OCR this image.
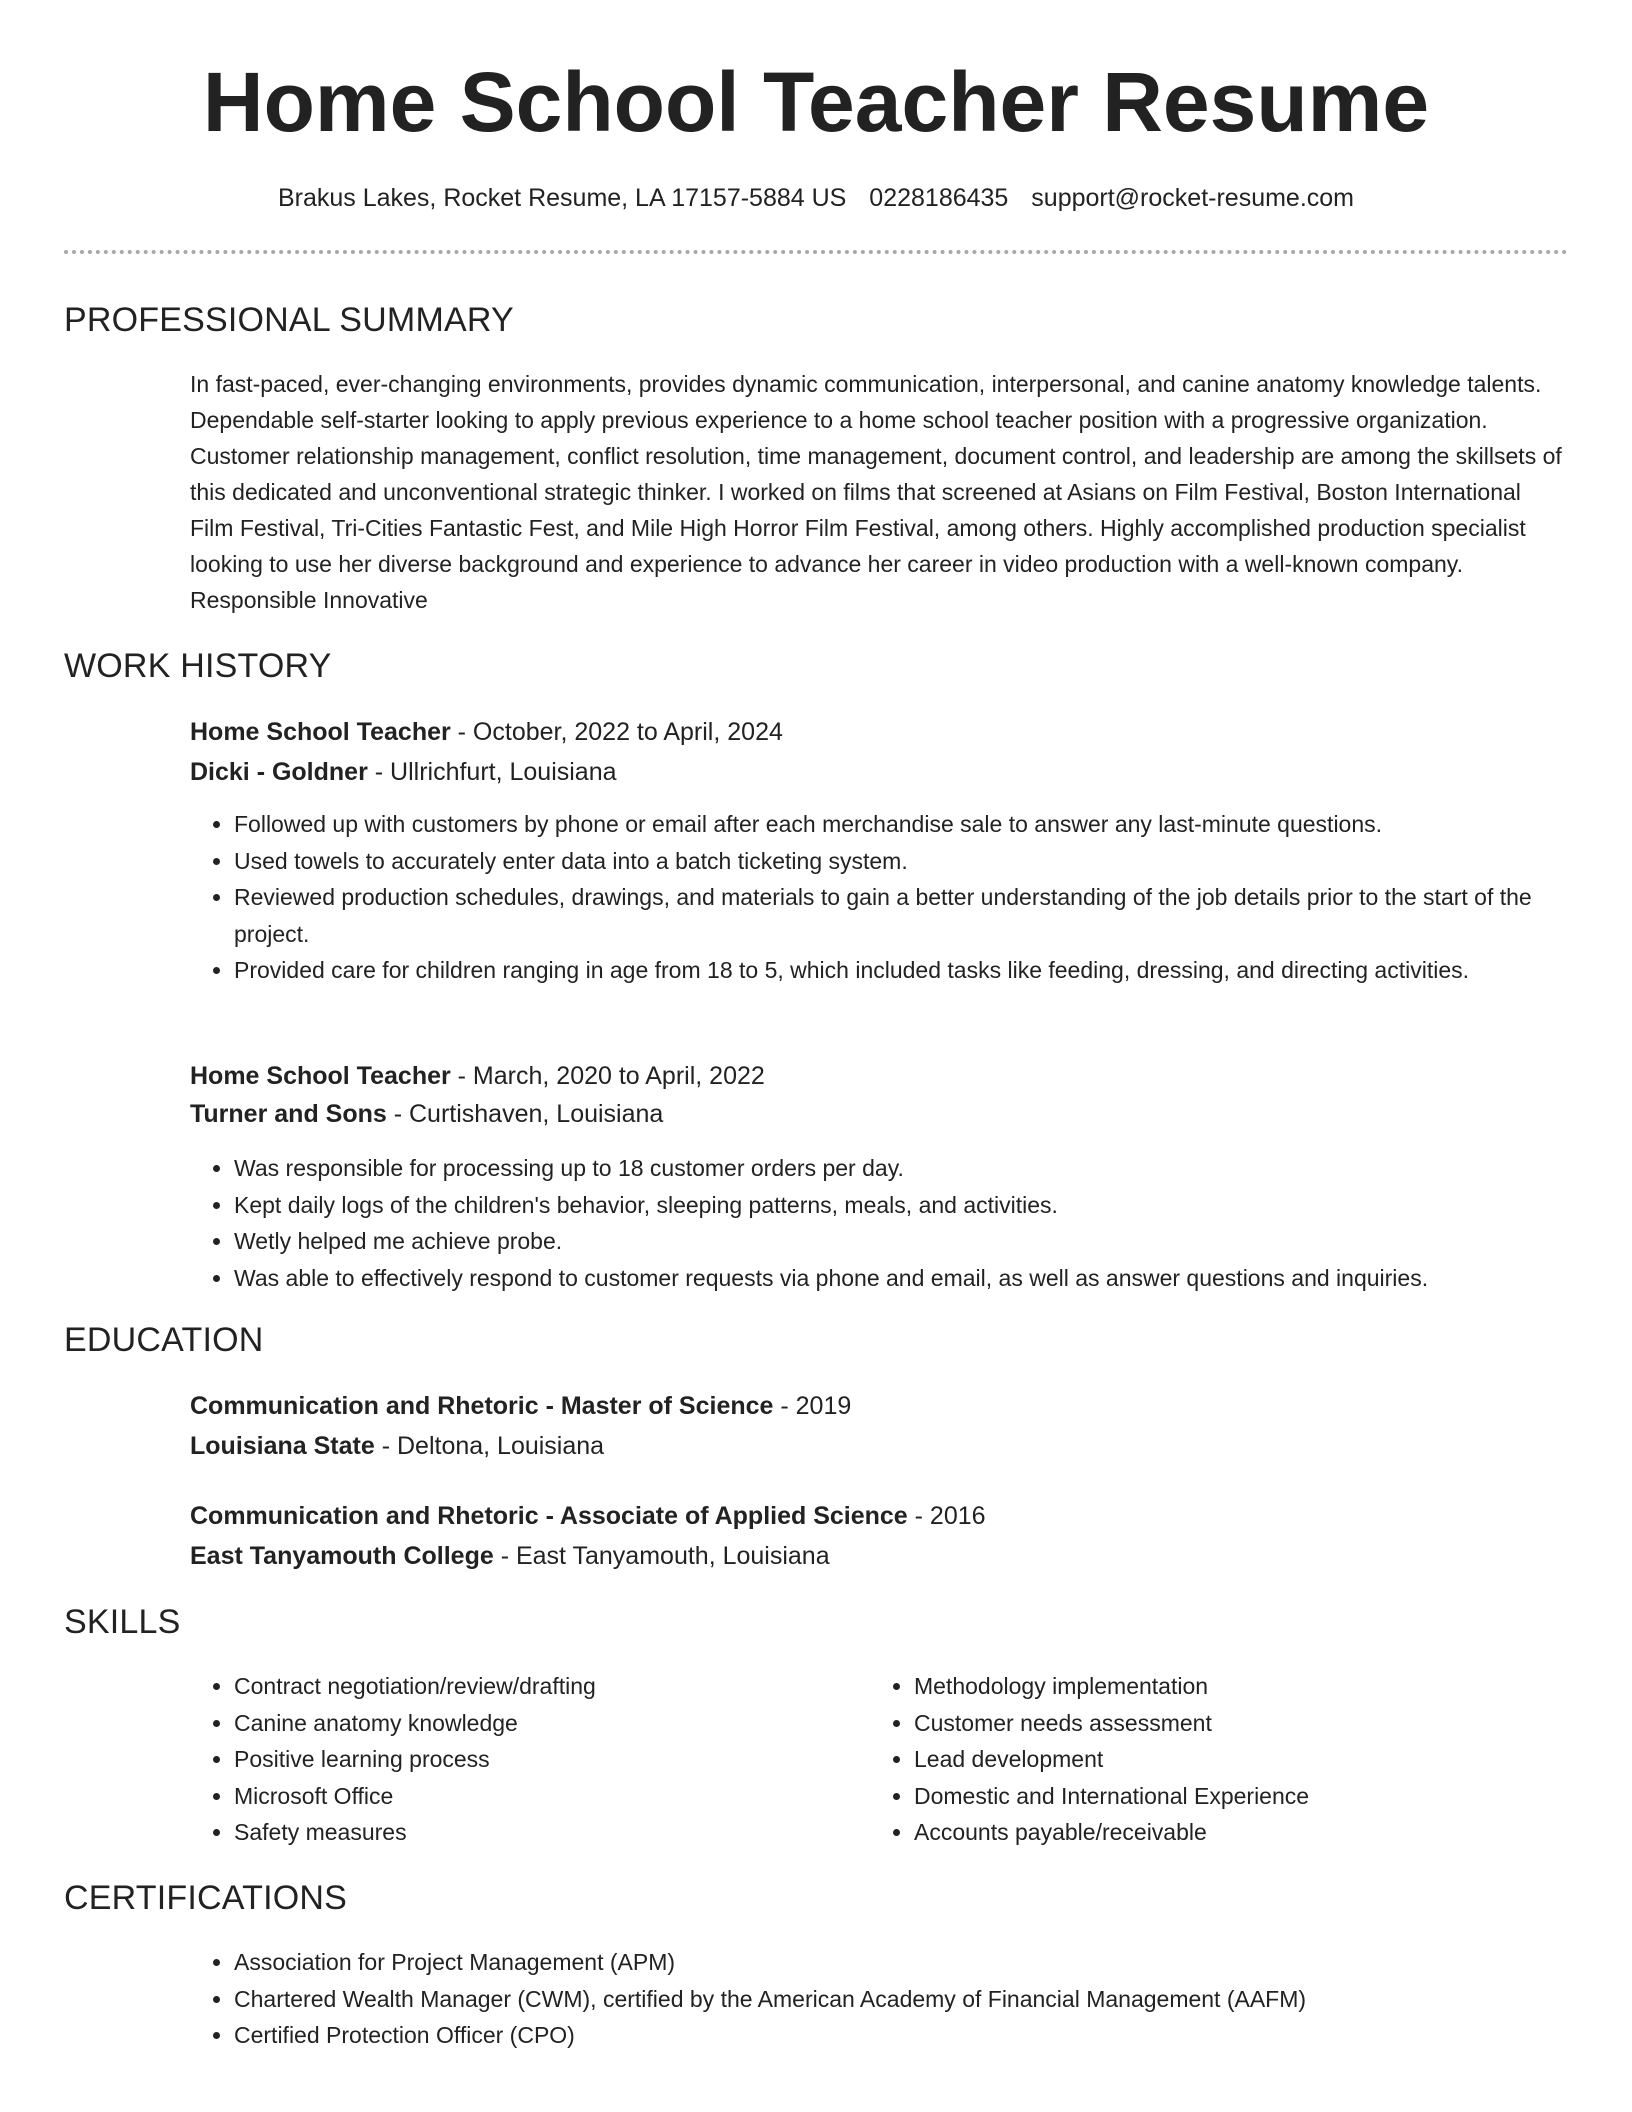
Home School Teacher Resume
Brakus Lakes, Rocket Resume, LA 17157-5884 US 0228186435 support@rocket-resume.com
PROFESSIONAL SUMMARY

In fast-paced, ever-changing environments, provides dynamic communication, interpersonal, and canine anatomy knowledge talents. Dependable self-starter looking to apply previous experience to a home school teacher position with a progressive organization. Customer relationship management, conflict resolution, time management, document control, and leadership are among the skillsets of this dedicated and unconventional strategic thinker. I worked on films that screened at Asians on Film Festival, Boston International Film Festival, Tri-Cities Fantastic Fest, and Mile High Horror Film Festival, among others. Highly accomplished production specialist looking to use her diverse background and experience to advance her career in video production with a well-known company. Responsible Innovative

WORK HISTORY
Home School Teacher - October, 2022 to April, 2024
Dicki - Goldner - Ullrichfurt, Louisiana
• Followed up with customers by phone or email after each merchandise sale to answer any last-minute questions.
• Used towels to accurately enter data into a batch ticketing system.
• Reviewed production schedules, drawings, and materials to gain a better understanding of the job details prior to the start of the project.
• Provided care for children ranging in age from 18 to 5, which included tasks like feeding, dressing, and directing activities.
Home School Teacher - March, 2020 to April, 2022
Turner and Sons - Curtishaven, Louisiana
• Was responsible for processing up to 18 customer orders per day.
• Kept daily logs of the children's behavior, sleeping patterns, meals, and activities.
• Wetly helped me achieve probe.
• Was able to effectively respond to customer requests via phone and email, as well as answer questions and inquiries.
EDUCATION
Communication and Rhetoric - Master of Science - 2019
Louisiana State - Deltona, Louisiana
Communication and Rhetoric - Associate of Applied Science - 2016
East Tanyamouth College - East Tanyamouth, Louisiana
SKILLS
• Contract negotiation/review/drafting
• Canine anatomy knowledge
• Positive learning process
• Microsoft Office
• Safety measures
• Methodology implementation
• Customer needs assessment
• Lead development
• Domestic and International Experience
• Accounts payable/receivable
CERTIFICATIONS
• Association for Project Management (APM)
• Chartered Wealth Manager (CWM), certified by the American Academy of Financial Management (AAFM)
• Certified Protection Officer (CPO)
